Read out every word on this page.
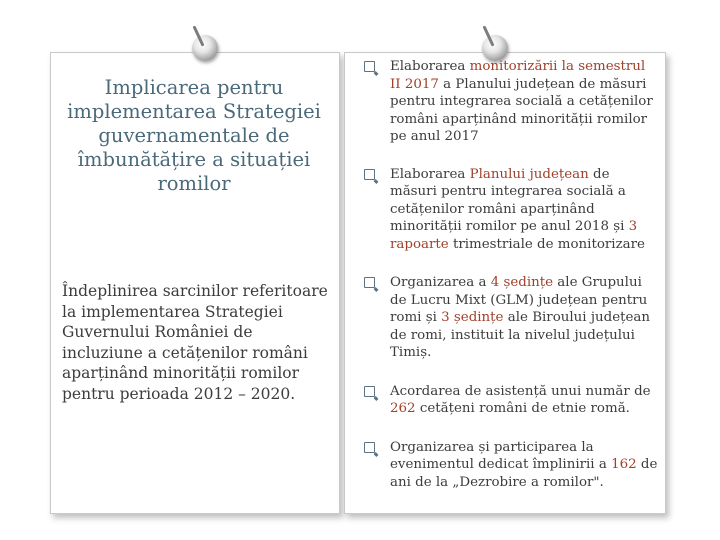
Implicarea pentru implementarea Strategiei guvernamentale de îmbunătățire a situației romilor
Îndeplinirea sarcinilor referitoare la implementarea Strategiei Guvernului României de incluziune a cetățenilor români aparținând minorității romilor pentru perioada 2012 – 2020.
Elaborarea monitorizării la semestrul II 2017 a Planului județean de măsuri pentru integrarea socială a cetățenilor români aparținând minorității romilor pe anul 2017
Elaborarea Planului județean de măsuri pentru integrarea socială a cetățenilor români aparținând minorității romilor pe anul 2018 și 3 rapoarte trimestriale de monitorizare
Organizarea a 4 ședințe ale Grupului de Lucru Mixt (GLM) județean pentru romi și 3 ședințe ale Biroului județean de romi, instituit la nivelul județului Timiș.
Acordarea de asistență unui număr de 262 cetățeni români de etnie romă.
Organizarea și participarea la evenimentul dedicat împlinirii a 162 de ani de la „Dezrobire a romilor".
